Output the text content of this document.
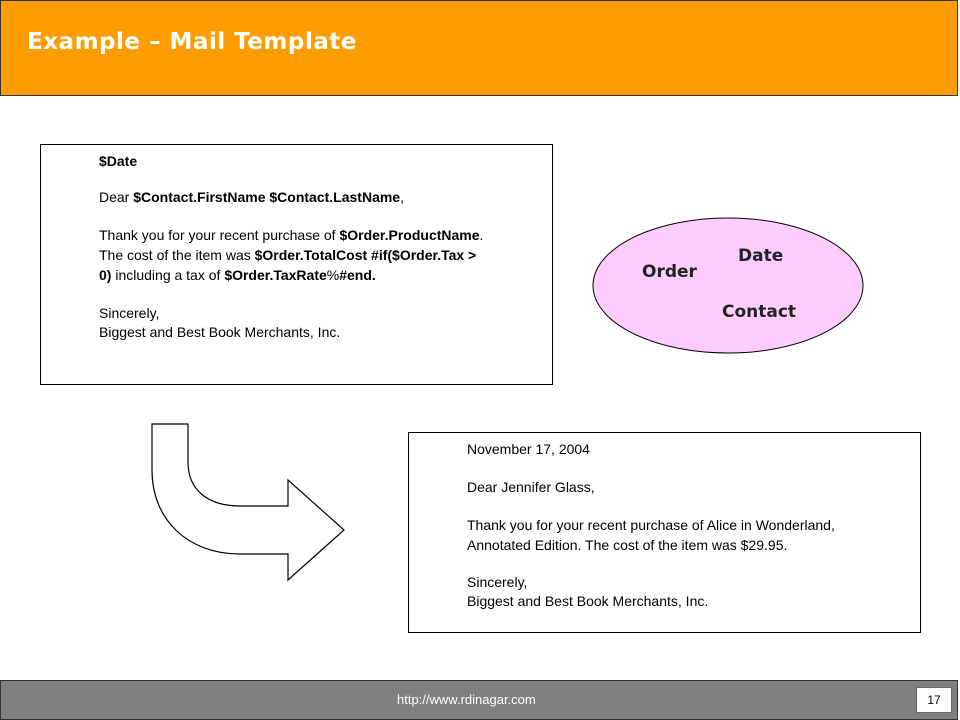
Example – Mail Template
$Date
Dear $Contact.FirstName $Contact.LastName,
Thank you for your recent purchase of $Order.ProductName.
The cost of the item was $Order.TotalCost #if($Order.Tax >
0) including a tax of $Order.TaxRate%#end.
Sincerely,
Biggest and Best Book Merchants, Inc.
Date
Order
Contact
November 17, 2004
Dear Jennifer Glass,
Thank you for your recent purchase of Alice in Wonderland,
Annotated Edition. The cost of the item was $29.95.
Sincerely,
Biggest and Best Book Merchants, Inc.
http://www.rdinagar.com	17
